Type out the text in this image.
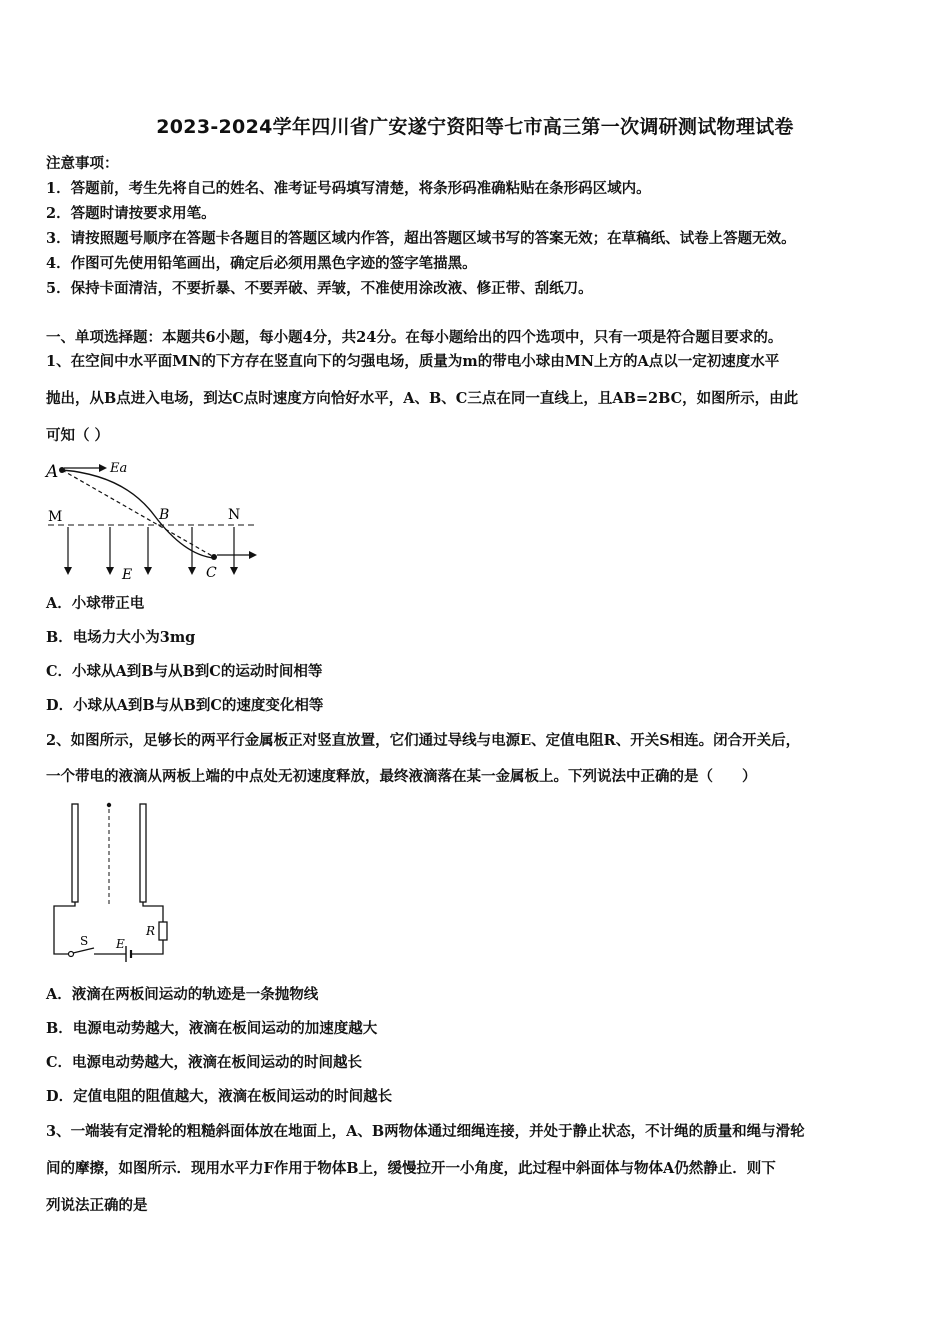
2023-2024学年四川省广安遂宁资阳等七市高三第一次调研测试物理试卷
注意事项：
1．答题前，考生先将自己的姓名、准考证号码填写清楚，将条形码准确粘贴在条形码区域内。
2．答题时请按要求用笔。
3．请按照题号顺序在答题卡各题目的答题区域内作答，超出答题区域书写的答案无效；在草稿纸、试卷上答题无效。
4．作图可先使用铅笔画出，确定后必须用黑色字迹的签字笔描黑。
5．保持卡面清洁，不要折暴、不要弄破、弄皱，不准使用涂改液、修正带、刮纸刀。
一、单项选择题：本题共6小题，每小题4分，共24分。在每小题给出的四个选项中，只有一项是符合题目要求的。
1、在空间中水平面MN的下方存在竖直向下的匀强电场，质量为m的带电小球由MN上方的A点以一定初速度水平
抛出，从B点进入电场，到达C点时速度方向恰好水平，A、B、C三点在同一直线上，且AB=2BC，如图所示，由此
可知（ ）
A	Ea
M	B	N
E	C
A．小球带正电
B．电场力大小为3mg
C．小球从A到B与从B到C的运动时间相等
D．小球从A到B与从B到C的速度变化相等
2、如图所示，足够长的两平行金属板正对竖直放置，它们通过导线与电源E、定值电阻R、开关S相连。闭合开关后，
一个带电的液滴从两板上端的中点处无初速度释放，最终液滴落在某一金属板上。下列说法中正确的是（　　）
R
S E
A．液滴在两板间运动的轨迹是一条抛物线
B．电源电动势越大，液滴在板间运动的加速度越大
C．电源电动势越大，液滴在板间运动的时间越长
D．定值电阻的阻值越大，液滴在板间运动的时间越长
3、一端装有定滑轮的粗糙斜面体放在地面上，A、B两物体通过细绳连接，并处于静止状态，不计绳的质量和绳与滑轮
间的摩擦，如图所示．现用水平力F作用于物体B上，缓慢拉开一小角度，此过程中斜面体与物体A仍然静止．则下
列说法正确的是
